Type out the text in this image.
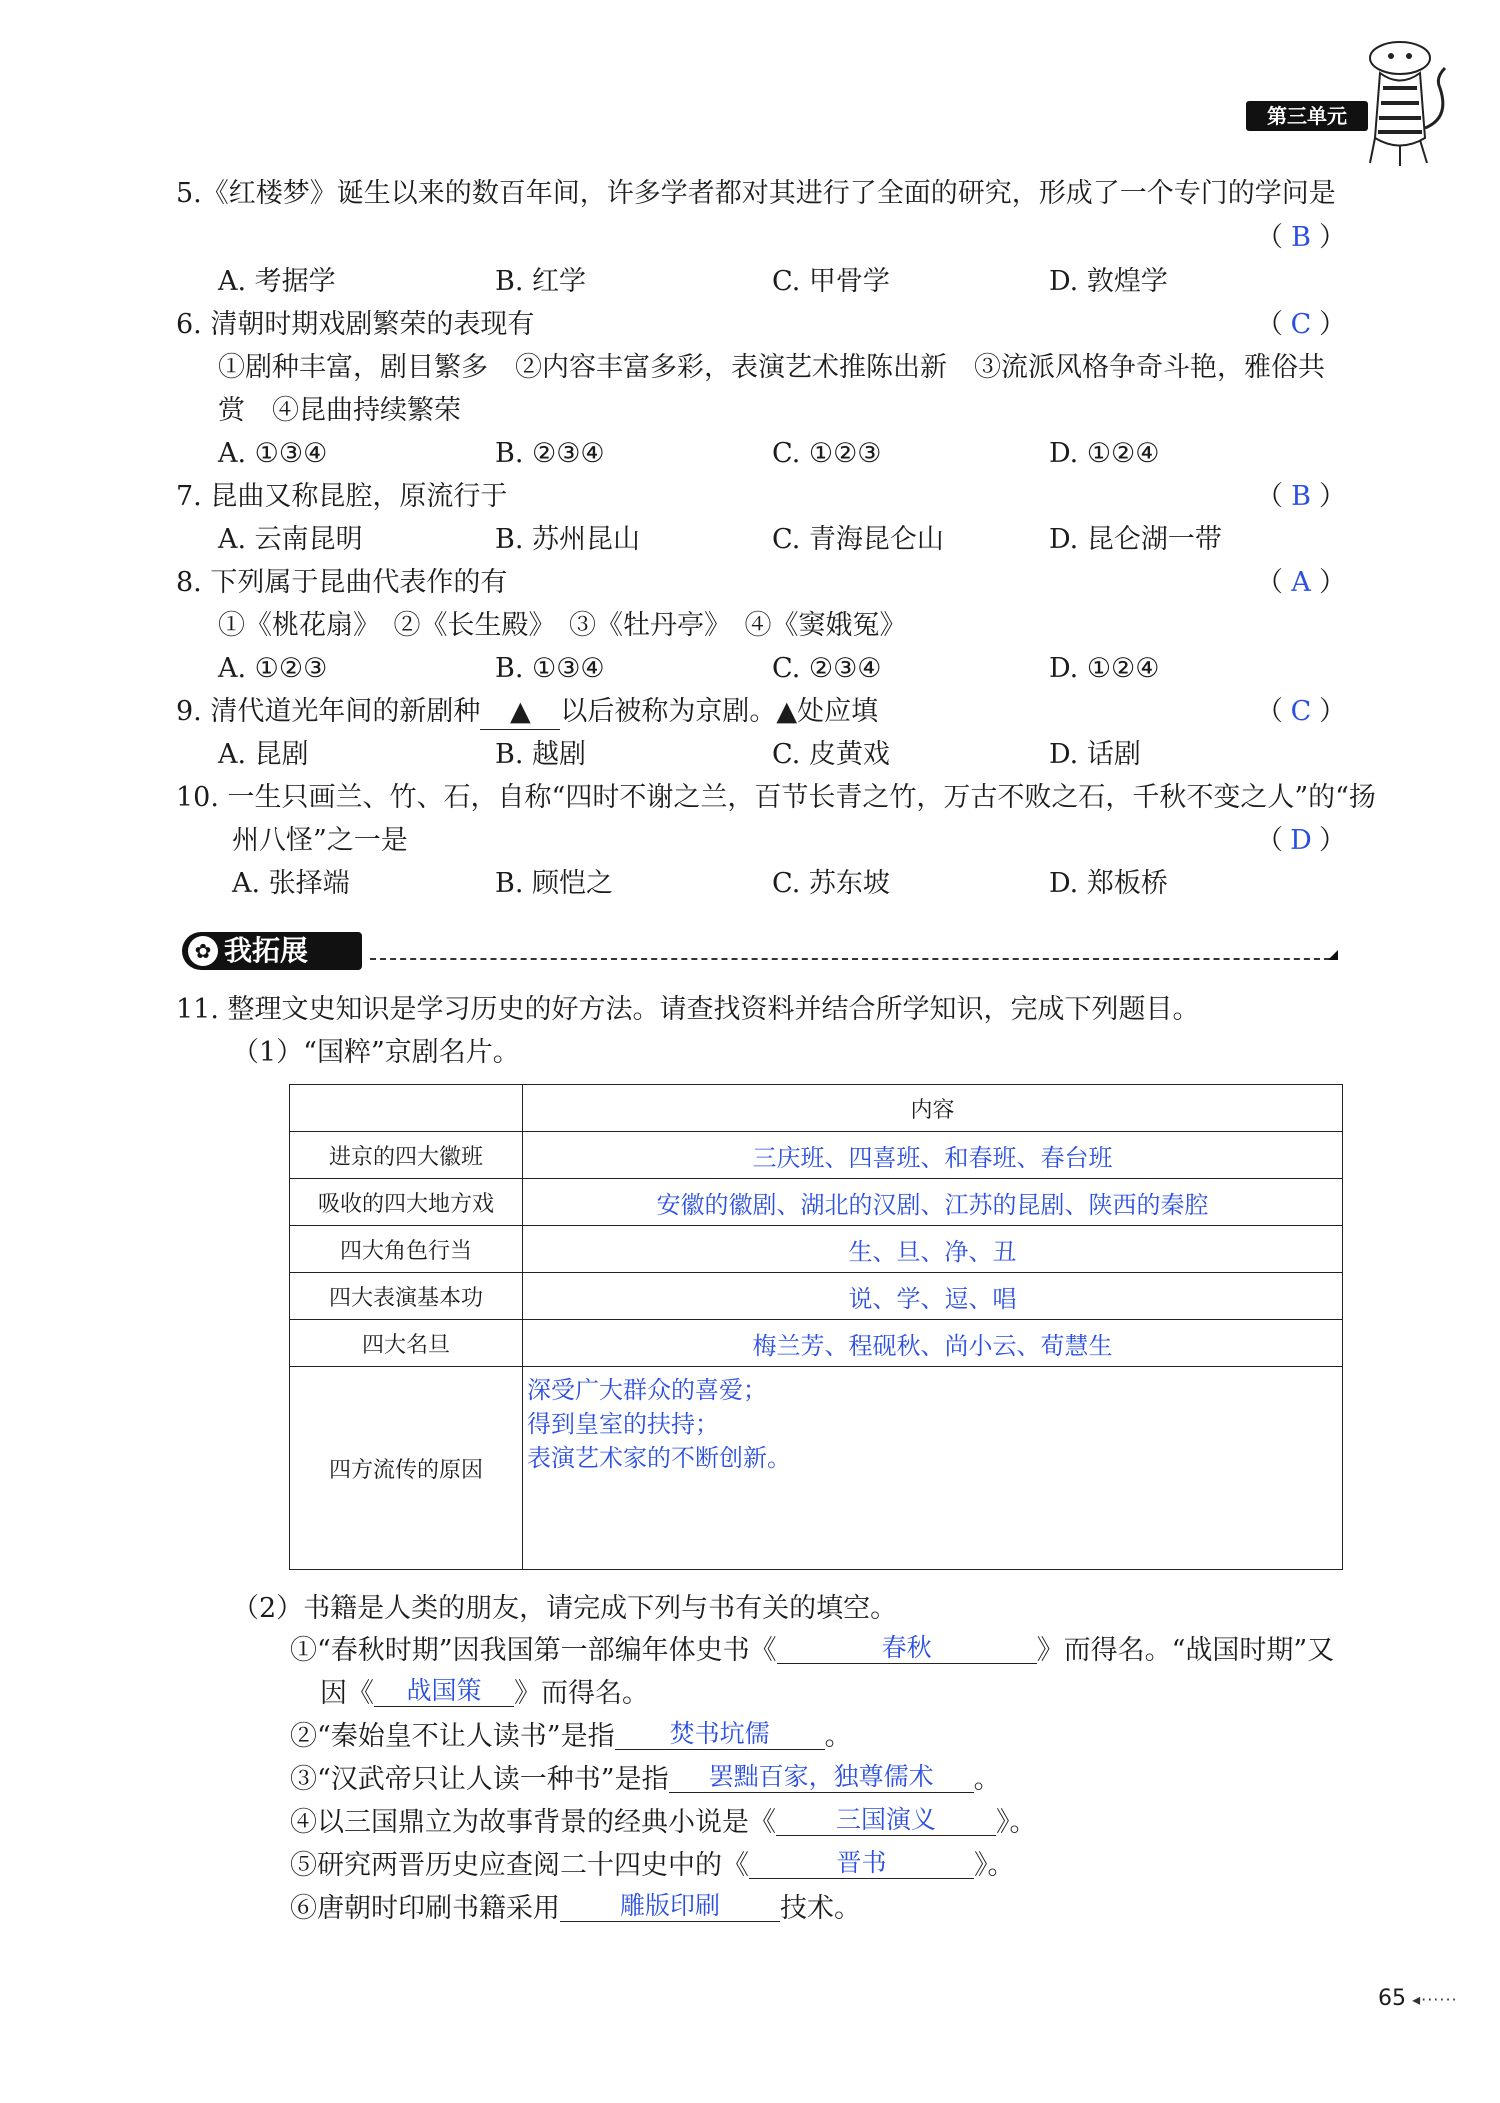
第三单元
5.《红楼梦》诞生以来的数百年间，许多学者都对其进行了全面的研究，形成了一个专门的学问是
（ B ）
A. 考据学	B. 红学	C. 甲骨学	D. 敦煌学
6. 清朝时期戏剧繁荣的表现有	（ C ）
①剧种丰富，剧目繁多　②内容丰富多彩，表演艺术推陈出新　③流派风格争奇斗艳，雅俗共
赏　④昆曲持续繁荣
A. ①③④	B. ②③④	C. ①②③	D. ①②④
7. 昆曲又称昆腔，原流行于	（ B ）
A. 云南昆明	B. 苏州昆山	C. 青海昆仑山	D. 昆仑湖一带
8. 下列属于昆曲代表作的有	（ A ）
①《桃花扇》　②《长生殿》　③《牡丹亭》　④《窦娥冤》
A. ①②③	B. ①③④	C. ②③④	D. ①②④
9. 清代道光年间的新剧种 ▲ 以后被称为京剧。▲处应填	（ C ）
A. 昆剧	B. 越剧	C. 皮黄戏	D. 话剧
10. 一生只画兰、竹、石，自称“四时不谢之兰，百节长青之竹，万古不败之石，千秋不变之人”的“扬
州八怪”之一是	（ D ）
A. 张择端	B. 顾恺之	C. 苏东坡	D. 郑板桥
✿ 我拓展
11. 整理文史知识是学习历史的好方法。请查找资料并结合所学知识，完成下列题目。
（1）“国粹”京剧名片。
	内容
进京的四大徽班	三庆班、四喜班、和春班、春台班
吸收的四大地方戏	安徽的徽剧、湖北的汉剧、江苏的昆剧、陕西的秦腔
四大角色行当	生、旦、净、丑
四大表演基本功	说、学、逗、唱
四大名旦	梅兰芳、程砚秋、尚小云、荀慧生
四方流传的原因	深受广大群众的喜爱；
得到皇室的扶持；
表演艺术家的不断创新。
（2）书籍是人类的朋友，请完成下列与书有关的填空。
①“春秋时期”因我国第一部编年体史书《	春秋	》而得名。“战国时期”又
因《 战国策 》而得名。
②“秦始皇不让人读书”是指 焚书坑儒 。
③“汉武帝只让人读一种书”是指 罢黜百家，独尊儒术 。
④以三国鼎立为故事背景的经典小说是《 三国演义 》。
⑤研究两晋历史应查阅二十四史中的《	晋书	》。
⑥唐朝时印刷书籍采用 雕版印刷 技术。
65 ◂······
